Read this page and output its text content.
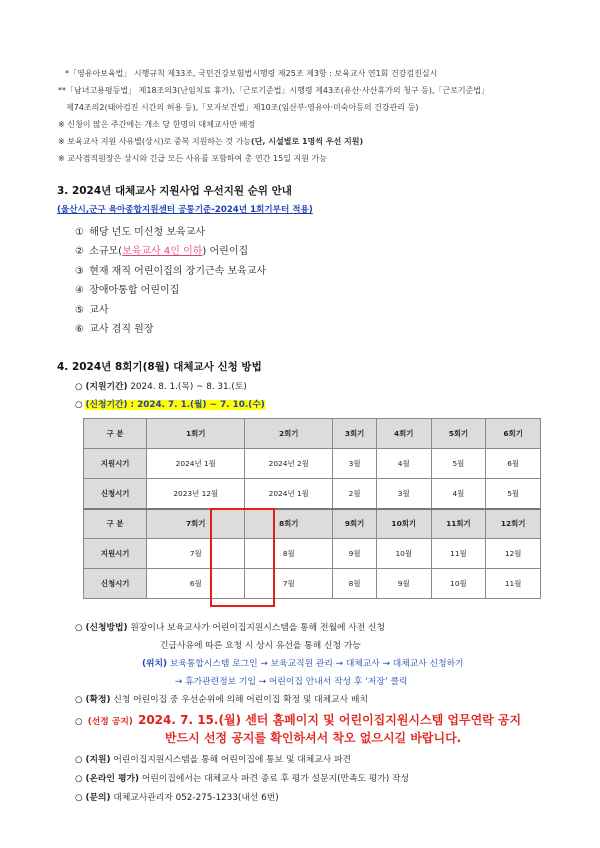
*「영유아보육법」 시행규칙 제33조, 국민건강보험법시행령 제25조 제3항 : 보육교사 연1회 건강검진실시
**「남녀고용평등법」 제18조의3(난임치료 휴가),「근로기준법」시행령 제43조(유산·사산휴가의 청구 등),「근로기준법」
제74조의2(태아검진 시간의 허용 등),「모자보건법」제10조(임산부·영유아·미숙아등의 건강관리 등)
※ 신청이 많은 주간에는 개소 당 한명의 대체교사만 배정
※ 보육교사 지원 사유별(상시)로 중복 지원하는 것 가능(단, 시설별로 1명씩 우선 지원)
※ 교사겸직원장은 상시와 긴급 모든 사유를 포함하여 총 연간 15일 지원 가능
3. 2024년 대체교사 지원사업 우선지원 순위 안내
(울산시,군구 육아종합지원센터 공통기준-2024년 1회기부터 적용)
① 해당 년도 미신청 보육교사
② 소규모(보육교사 4인 이하) 어린이집
③ 현재 재직 어린이집의 장기근속 보육교사
④ 장애아통합 어린이집
⑤ 교사
⑥ 교사 겸직 원장
4. 2024년 8회기(8월) 대체교사 신청 방법
○ (지원기간) 2024. 8. 1.(목) ~ 8. 31.(토)
○ (신청기간) : 2024. 7. 1.(월) ~ 7. 10.(수)
구 분	1회기	2회기	3회기	4회기	5회기	6회기
지원시기	2024년 1월	2024년 2월	3월	4월	5월	6월
신청시기	2023년 12월	2024년 1월	2월	3월	4월	5월
구 분	7회기	8회기	9회기	10회기	11회기	12회기
지원시기	7월	8월	9월	10월	11월	12월
신청시기	6월	7월	8월	9월	10월	11월
○ (신청방법) 원장이나 보육교사가 어린이집지원시스템을 통해 전월에 사전 신청
긴급사유에 따른 요청 시 상시 유선을 통해 신청 가능
(위치) 보육통합시스템 로그인 → 보육교직원 관리 → 대체교사 → 대체교사 신청하기
→ 휴가관련정보 기입 → 어린이집 안내서 작성 후 ‘저장’ 클릭
○ (확정) 신청 어린이집 중 우선순위에 의해 어린이집 확정 및 대체교사 배치
○ (선정 공지) 2024. 7. 15.(월) 센터 홈페이지 및 어린이집지원시스템 업무연락 공지
반드시 선정 공지를 확인하셔서 착오 없으시길 바랍니다.
○ (지원) 어린이집지원시스템을 통해 어린이집에 통보 및 대체교사 파견
○ (온라인 평가) 어린이집에서는 대체교사 파견 종료 후 평가 설문지(만족도 평가) 작성
○ (문의) 대체교사관리자 052-275-1233(내선 6번)
